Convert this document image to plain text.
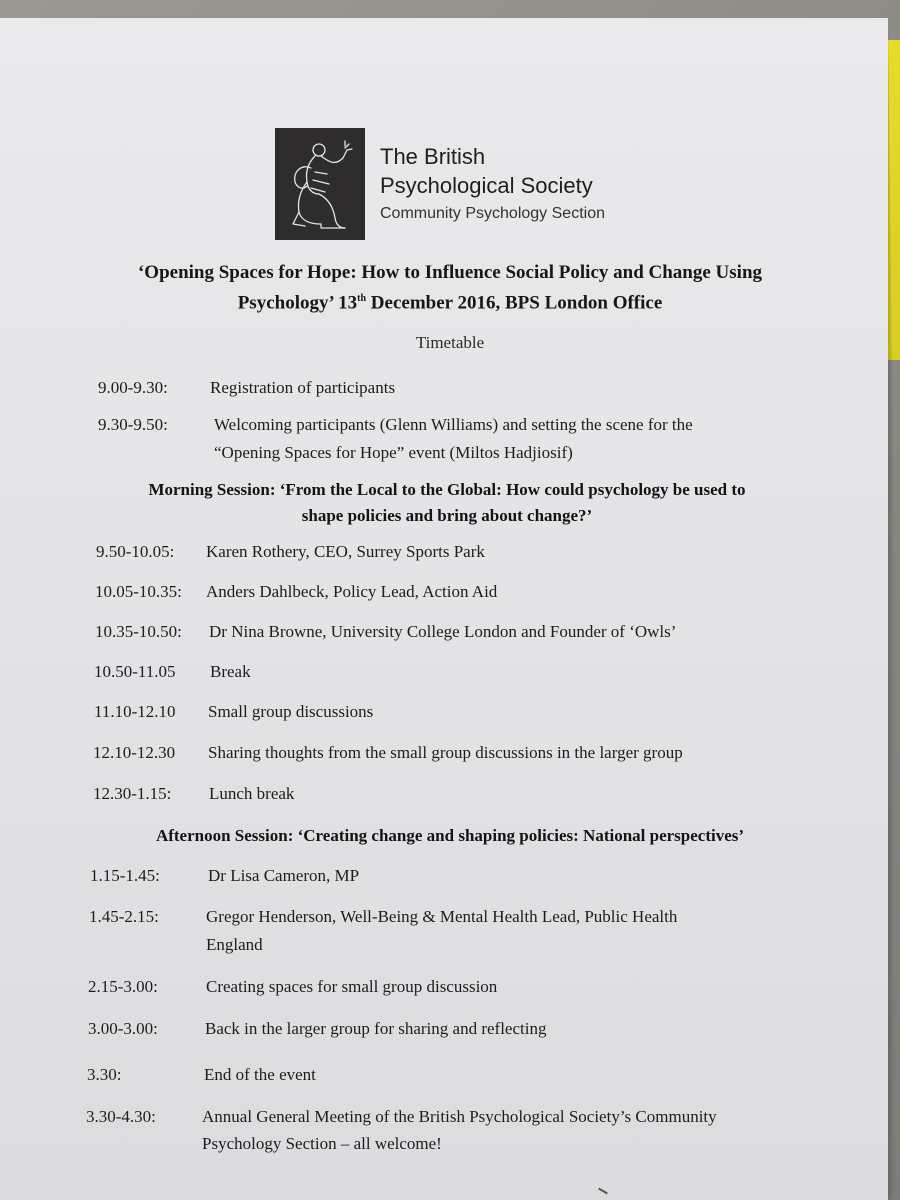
The British
Psychological Society
Community Psychology Section
‘Opening Spaces for Hope: How to Influence Social Policy and Change Using
Psychology’ 13th December 2016, BPS London Office
Timetable
9.00-9.30: Registration of participants
9.30-9.50:	Welcoming participants (Glenn Williams) and setting the scene for the
“Opening Spaces for Hope” event (Miltos Hadjiosif)
Morning Session: ‘From the Local to the Global: How could psychology be used to
shape policies and bring about change?’
9.50-10.05: Karen Rothery, CEO, Surrey Sports Park
10.05-10.35: Anders Dahlbeck, Policy Lead, Action Aid
10.35-10.50: Dr Nina Browne, University College London and Founder of ‘Owls’
10.50-11.05 Break
11.10-12.10 Small group discussions
12.10-12.30 Sharing thoughts from the small group discussions in the larger group
12.30-1.15: Lunch break
Afternoon Session: ‘Creating change and shaping policies: National perspectives’
1.15-1.45:	Dr Lisa Cameron, MP
1.45-2.15:	Gregor Henderson, Well-Being & Mental Health Lead, Public Health
England
2.15-3.00:	Creating spaces for small group discussion
3.00-3.00:	Back in the larger group for sharing and reflecting
3.30:	End of the event
3.30-4.30:	Annual General Meeting of the British Psychological Society’s Community
Psychology Section – all welcome!
